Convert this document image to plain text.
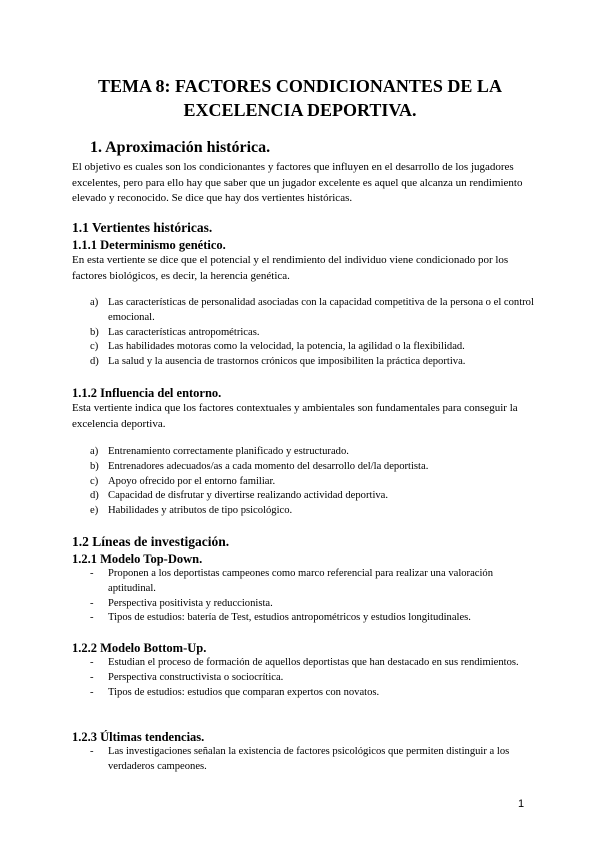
TEMA 8: FACTORES CONDICIONANTES DE LA
EXCELENCIA DEPORTIVA.
1. Aproximación histórica.
El objetivo es cuales son los condicionantes y factores que influyen en el desarrollo de los jugadores excelentes, pero para ello hay que saber que un jugador excelente es aquel que alcanza un rendimiento elevado y reconocido. Se dice que hay dos vertientes históricas.
1.1 Vertientes históricas.
1.1.1 Determinismo genético.
En esta vertiente se dice que el potencial y el rendimiento del individuo viene condicionado por los factores biológicos, es decir, la herencia genética.
a) Las características de personalidad asociadas con la capacidad competitiva de la persona o el control emocional.
b) Las características antropométricas.
c) Las habilidades motoras como la velocidad, la potencia, la agilidad o la flexibilidad.
d) La salud y la ausencia de trastornos crónicos que imposibiliten la práctica deportiva.
1.1.2 Influencia del entorno.
Esta vertiente indica que los factores contextuales y ambientales son fundamentales para conseguir la excelencia deportiva.
a) Entrenamiento correctamente planificado y estructurado.
b) Entrenadores adecuados/as a cada momento del desarrollo del/la deportista.
c) Apoyo ofrecido por el entorno familiar.
d) Capacidad de disfrutar y divertirse realizando actividad deportiva.
e) Habilidades y atributos de tipo psicológico.
1.2 Líneas de investigación.
1.2.1 Modelo Top-Down.
- Proponen a los deportistas campeones como marco referencial para realizar una valoración aptitudinal.
- Perspectiva positivista y reduccionista.
- Tipos de estudios: batería de Test, estudios antropométricos y estudios longitudinales.
1.2.2 Modelo Bottom-Up.
- Estudian el proceso de formación de aquellos deportistas que han destacado en sus rendimientos.
- Perspectiva constructivista o sociocrítica.
- Tipos de estudios: estudios que comparan expertos con novatos.
1.2.3 Últimas tendencias.
- Las investigaciones señalan la existencia de factores psicológicos que permiten distinguir a los verdaderos campeones.
1
